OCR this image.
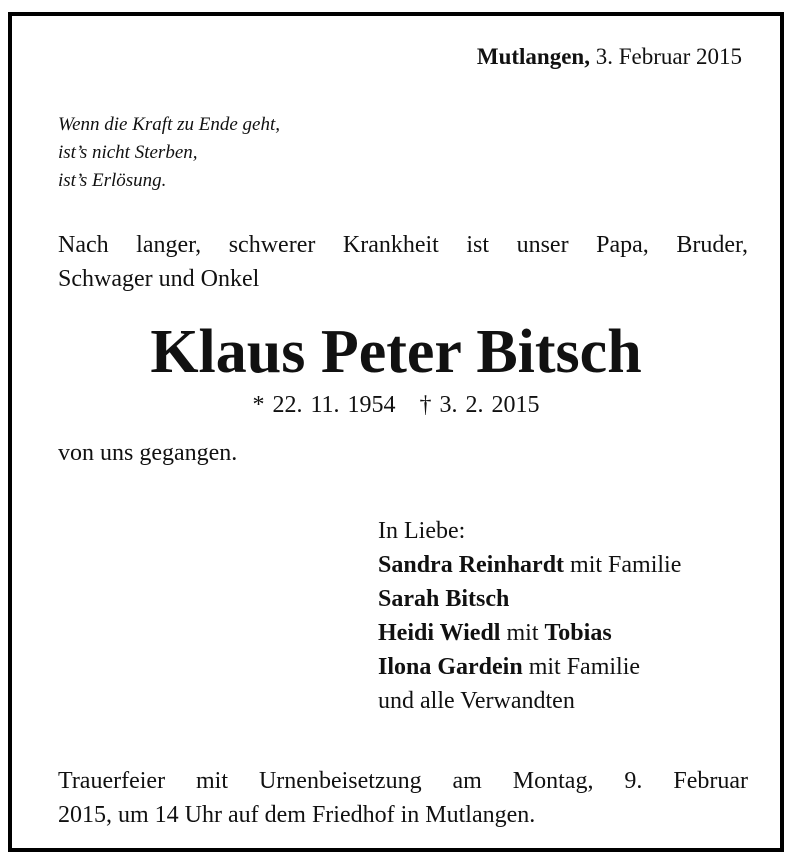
Mutlangen, 3. Februar 2015
Wenn die Kraft zu Ende geht,
ist’s nicht Sterben,
ist’s Erlösung.
Nach langer, schwerer Krankheit ist unser Papa, Bruder,
Schwager und Onkel
Klaus Peter Bitsch
* 22. 11. 1954 † 3. 2. 2015
von uns gegangen.
In Liebe:
Sandra Reinhardt mit Familie
Sarah Bitsch
Heidi Wiedl mit Tobias
Ilona Gardein mit Familie
und alle Verwandten
Trauerfeier mit Urnenbeisetzung am Montag, 9. Februar
2015, um 14 Uhr auf dem Friedhof in Mutlangen.
